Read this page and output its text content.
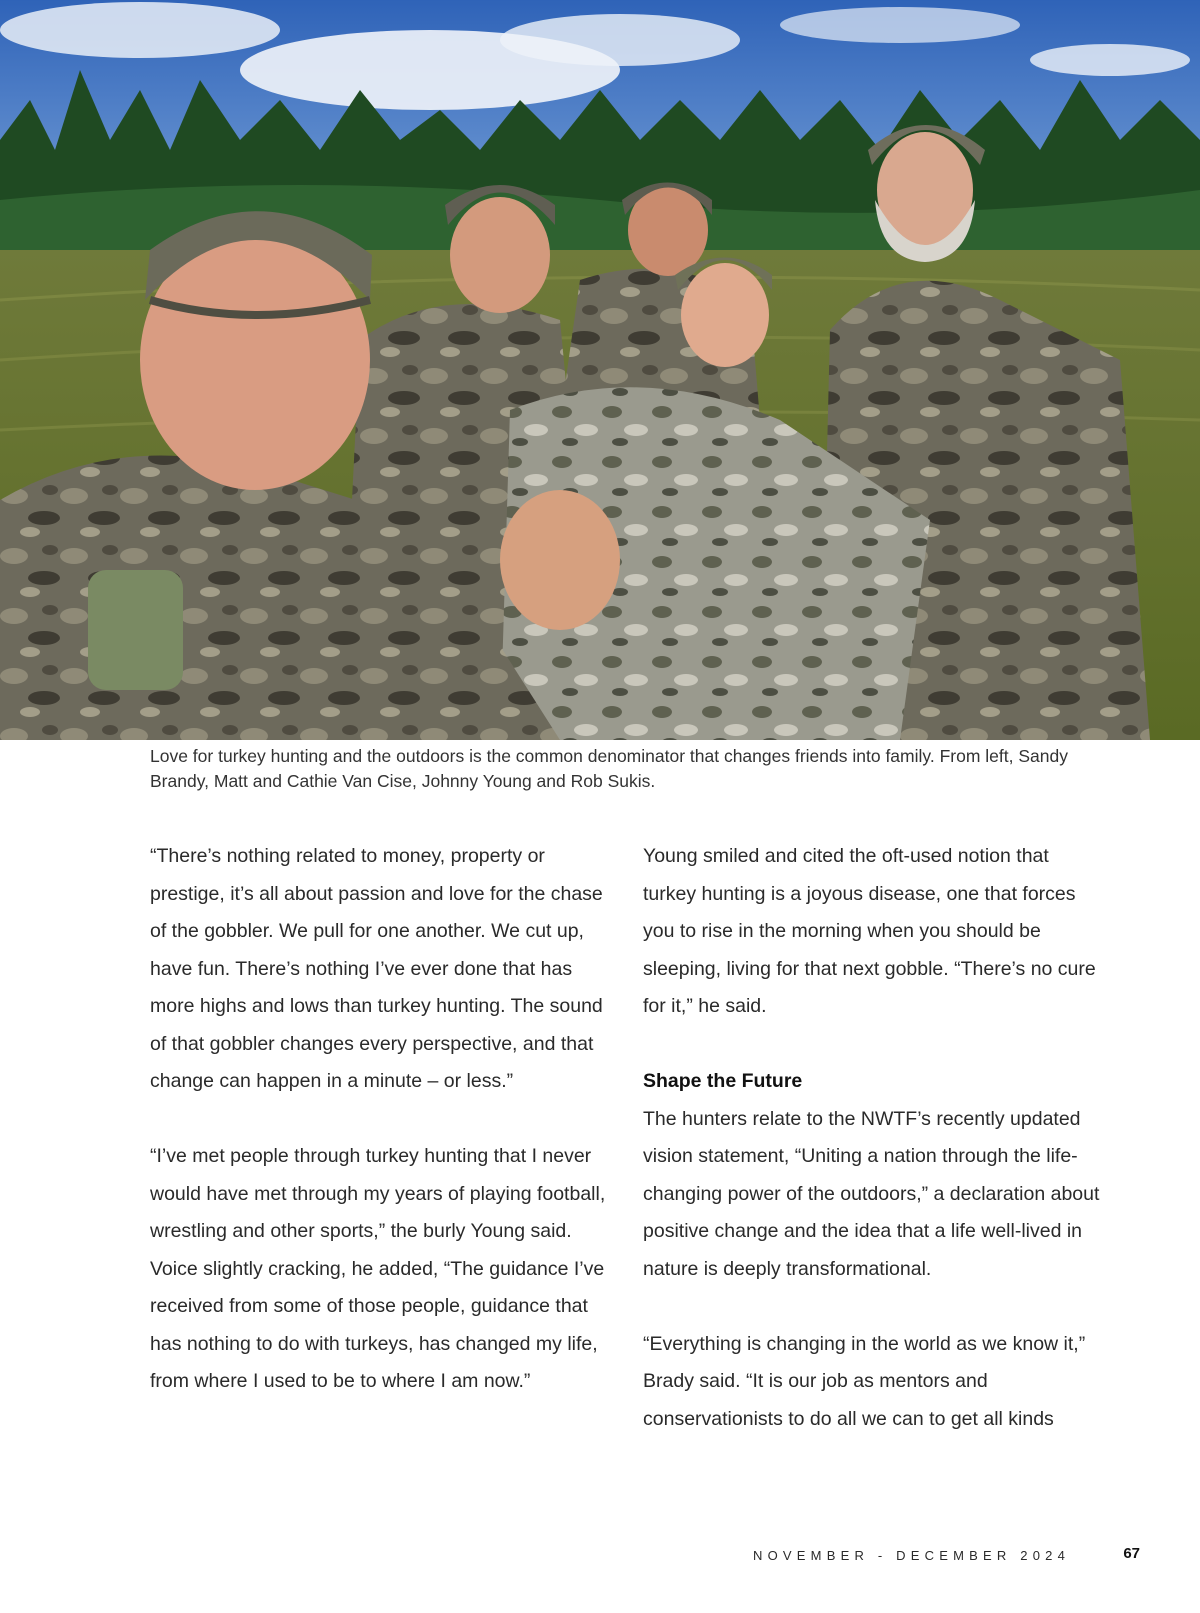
Love for turkey hunting and the outdoors is the common denominator that changes friends into family. From left, Sandy Brandy, Matt and Cathie Van Cise, Johnny Young and Rob Sukis.

“There’s nothing related to money, property or prestige, it’s all about passion and love for the chase of the gobbler. We pull for one another. We cut up, have fun. There’s nothing I’ve ever done that has more highs and lows than turkey hunting. The sound of that gobbler changes every perspective, and that change can happen in a minute – or less.”

“I’ve met people through turkey hunting that I never would have met through my years of playing football, wrestling and other sports,” the burly Young said. Voice slightly cracking, he added, “The guidance I’ve received from some of those people, guidance that has nothing to do with turkeys, has changed my life, from where I used to be to where I am now.”

Young smiled and cited the oft-used notion that turkey hunting is a joyous disease, one that forces you to rise in the morning when you should be sleeping, living for that next gobble. “There’s no cure for it,” he said.

Shape the Future

The hunters relate to the NWTF’s recently updated vision statement, “Uniting a nation through the life-changing power of the outdoors,” a declaration about positive change and the idea that a life well-lived in nature is deeply transformational.

“Everything is changing in the world as we know it,” Brady said. “It is our job as mentors and conservationists to do all we can to get all kinds

NOVEMBER - DECEMBER 2024	67
